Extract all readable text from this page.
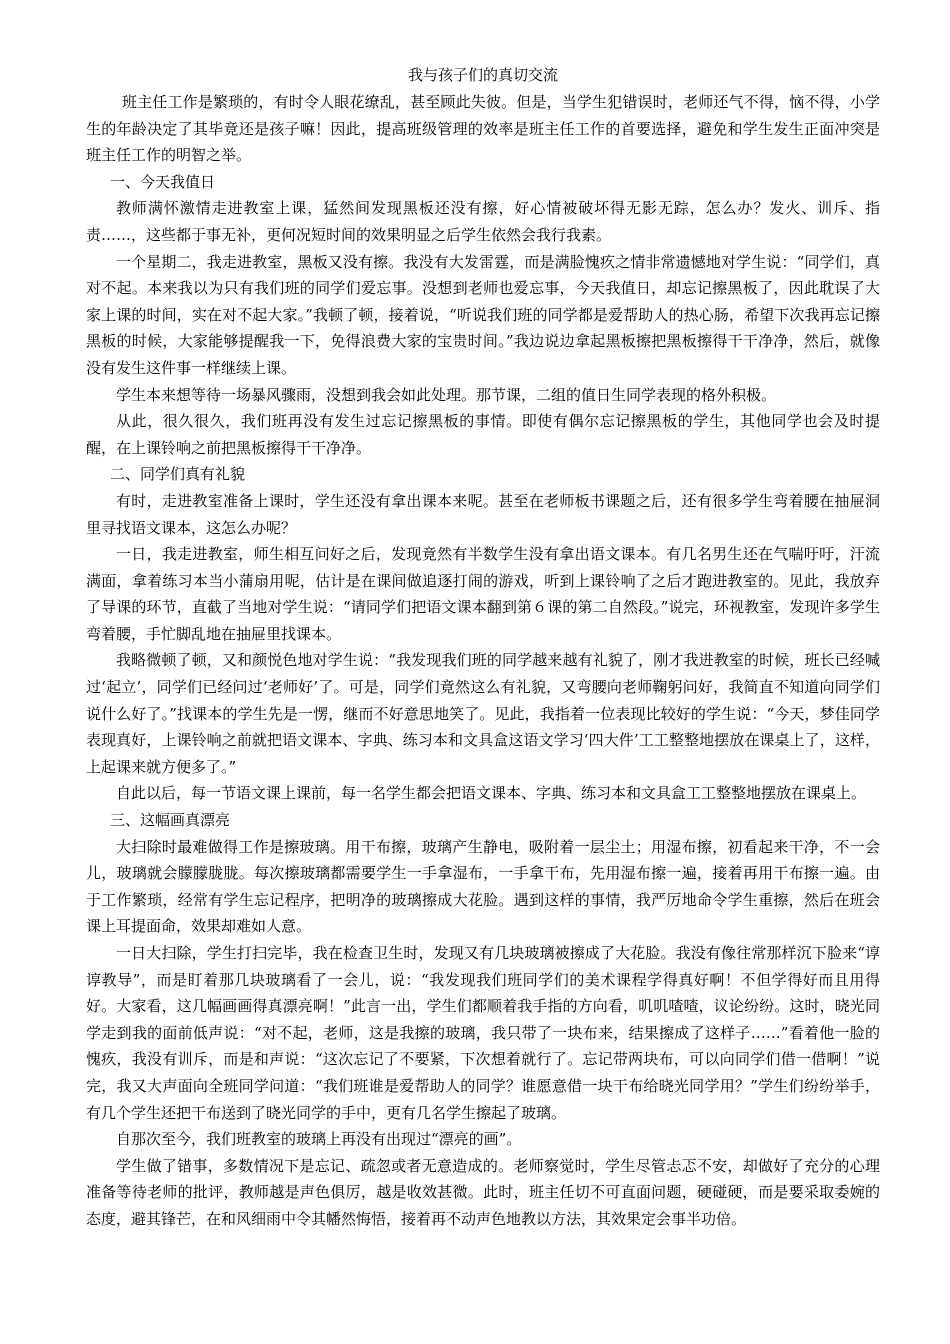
我与孩子们的真切交流

班主任工作是繁琐的，有时令人眼花缭乱，甚至顾此失彼。但是，当学生犯错误时，老师还气不得，恼不得，小学生的年龄决定了其毕竟还是孩子嘛！因此，提高班级管理的效率是班主任工作的首要选择，避免和学生发生正面冲突是班主任工作的明智之举。

一、今天我值日

教师满怀激情走进教室上课，猛然间发现黑板还没有擦，好心情被破坏得无影无踪，怎么办？发火、训斥、指责……，这些都于事无补，更何况短时间的效果明显之后学生依然会我行我素。

一个星期二，我走进教室，黑板又没有擦。我没有大发雷霆，而是满脸愧疚之情非常遗憾地对学生说：“同学们，真对不起。本来我以为只有我们班的同学们爱忘事。没想到老师也爱忘事，今天我值日，却忘记擦黑板了，因此耽误了大家上课的时间，实在对不起大家。”我顿了顿，接着说，“听说我们班的同学都是爱帮助人的热心肠，希望下次我再忘记擦黑板的时候，大家能够提醒我一下，免得浪费大家的宝贵时间。”我边说边拿起黑板擦把黑板擦得干干净净，然后，就像没有发生这件事一样继续上课。

学生本来想等待一场暴风骤雨，没想到我会如此处理。那节课，二组的值日生同学表现的格外积极。

从此，很久很久，我们班再没有发生过忘记擦黑板的事情。即使有偶尔忘记擦黑板的学生，其他同学也会及时提醒，在上课铃响之前把黑板擦得干干净净。

二、同学们真有礼貌

有时，走进教室准备上课时，学生还没有拿出课本来呢。甚至在老师板书课题之后，还有很多学生弯着腰在抽屉洞里寻找语文课本，这怎么办呢？

一日，我走进教室，师生相互问好之后，发现竟然有半数学生没有拿出语文课本。有几名男生还在气喘吁吁，汗流满面，拿着练习本当小蒲扇用呢，估计是在课间做追逐打闹的游戏，听到上课铃响了之后才跑进教室的。见此，我放弃了导课的环节，直截了当地对学生说：“请同学们把语文课本翻到第６课的第二自然段。”说完，环视教室，发现许多学生弯着腰，手忙脚乱地在抽屉里找课本。

我略微顿了顿，又和颜悦色地对学生说：“我发现我们班的同学越来越有礼貌了，刚才我进教室的时候，班长已经喊过‘起立’，同学们已经问过‘老师好’了。可是，同学们竟然这么有礼貌，又弯腰向老师鞠躬问好，我简直不知道向同学们说什么好了。”找课本的学生先是一愣，继而不好意思地笑了。见此，我指着一位表现比较好的学生说：“今天，梦佳同学表现真好，上课铃响之前就把语文课本、字典、练习本和文具盒这语文学习‘四大件’工工整整地摆放在课桌上了，这样，上起课来就方便多了。”

自此以后，每一节语文课上课前，每一名学生都会把语文课本、字典、练习本和文具盒工工整整地摆放在课桌上。

三、这幅画真漂亮

大扫除时最难做得工作是擦玻璃。用干布擦，玻璃产生静电，吸附着一层尘土；用湿布擦，初看起来干净，不一会儿，玻璃就会朦朦胧胧。每次擦玻璃都需要学生一手拿湿布，一手拿干布，先用湿布擦一遍，接着再用干布擦一遍。由于工作繁琐，经常有学生忘记程序，把明净的玻璃擦成大花脸。遇到这样的事情，我严厉地命令学生重擦，然后在班会课上耳提面命，效果却难如人意。

一日大扫除，学生打扫完毕，我在检查卫生时，发现又有几块玻璃被擦成了大花脸。我没有像往常那样沉下脸来“谆谆教导”，而是盯着那几块玻璃看了一会儿，说：“我发现我们班同学们的美术课程学得真好啊！不但学得好而且用得好。大家看，这几幅画画得真漂亮啊！”此言一出，学生们都顺着我手指的方向看，叽叽喳喳，议论纷纷。这时，晓光同学走到我的面前低声说：“对不起，老师，这是我擦的玻璃，我只带了一块布来，结果擦成了这样子……”看着他一脸的愧疚，我没有训斥，而是和声说：“这次忘记了不要紧，下次想着就行了。忘记带两块布，可以向同学们借一借啊！”说完，我又大声面向全班同学问道：“我们班谁是爱帮助人的同学？谁愿意借一块干布给晓光同学用？”学生们纷纷举手，有几个学生还把干布送到了晓光同学的手中，更有几名学生擦起了玻璃。

自那次至今，我们班教室的玻璃上再没有出现过“漂亮的画”。

学生做了错事，多数情况下是忘记、疏忽或者无意造成的。老师察觉时，学生尽管忐忑不安，却做好了充分的心理准备等待老师的批评，教师越是声色俱厉，越是收效甚微。此时，班主任切不可直面问题，硬碰硬，而是要采取委婉的态度，避其锋芒，在和风细雨中令其幡然悔悟，接着再不动声色地教以方法，其效果定会事半功倍。
